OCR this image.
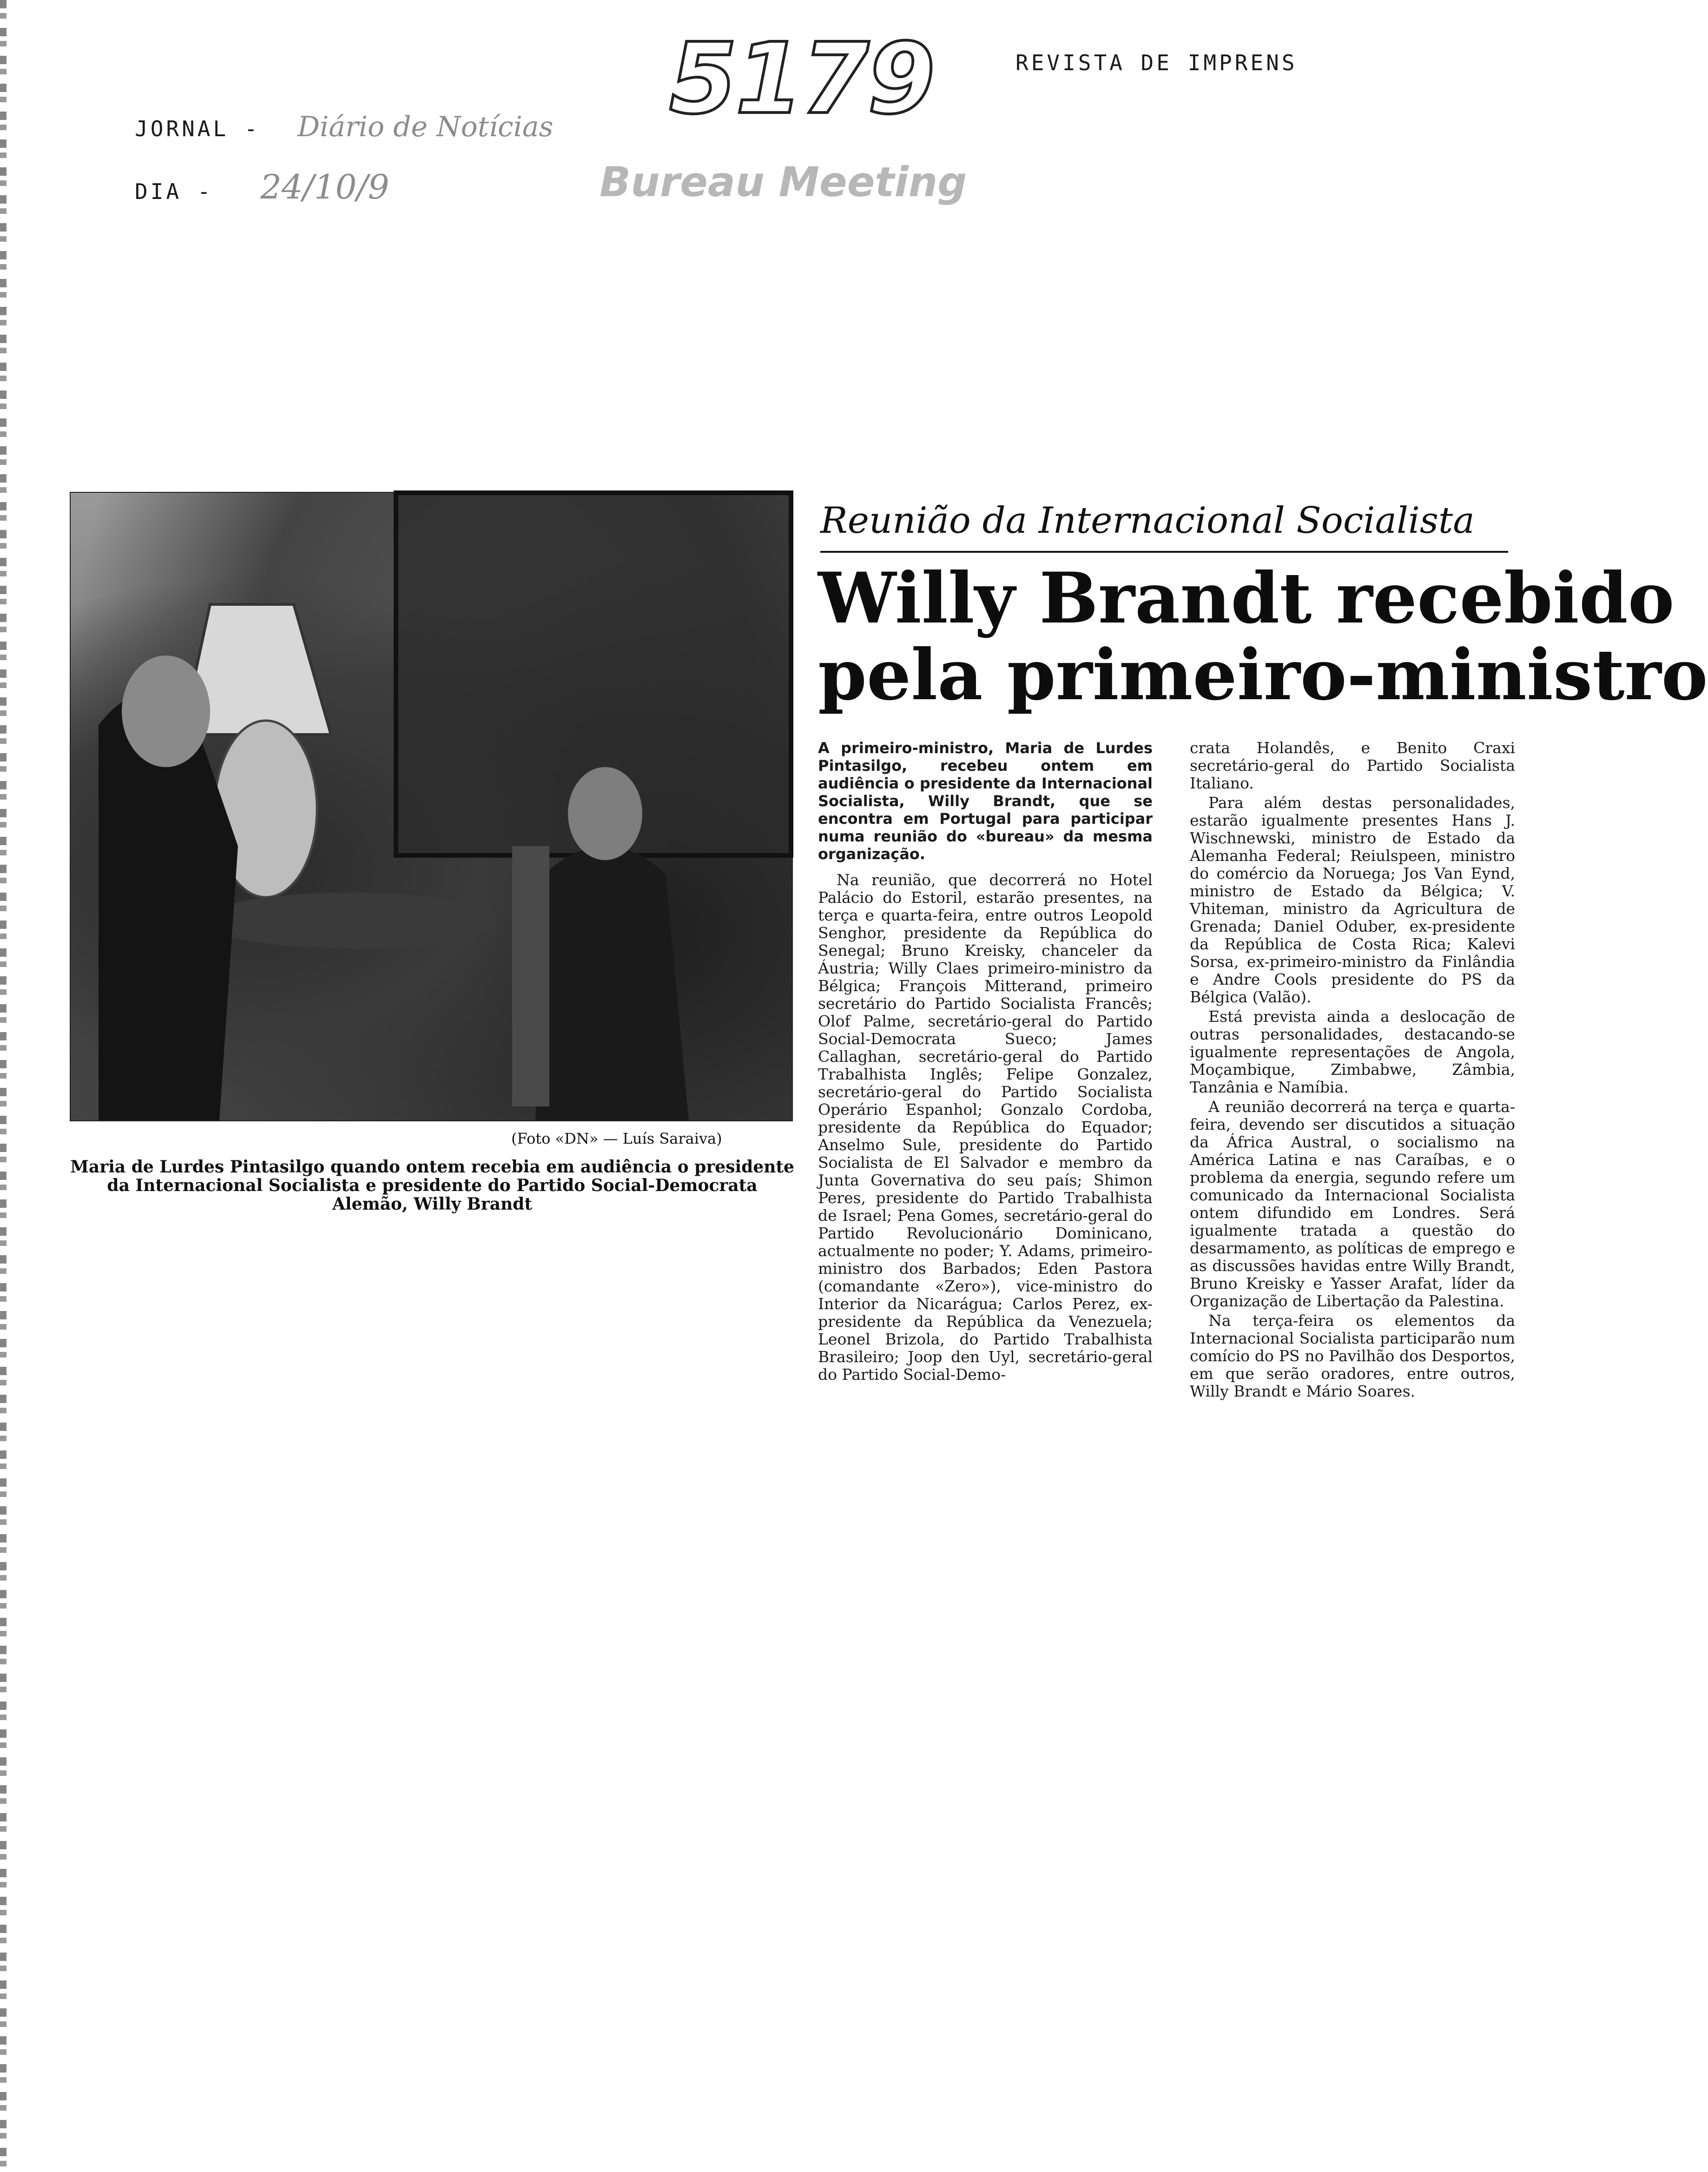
REVISTA DE IMPRENS
JORNAL - Diário de Notícias
DIA - 24/10/9
5179
Bureau Meeting
(Foto «DN» — Luís Saraiva)
Maria de Lurdes Pintasilgo quando ontem recebia em audiência o presidente da Internacional Socialista e presidente do Partido Social-Democrata Alemão, Willy Brandt
Reunião da Internacional Socialista
Willy Brandt recebido
pela primeiro-ministro
A primeiro-ministro, Maria de Lurdes Pintasilgo, recebeu ontem em audiência o presidente da Internacional Socialista, Willy Brandt, que se encontra em Portugal para participar numa reunião do «bureau» da mesma organização.

Na reunião, que decorrerá no Hotel Palácio do Estoril, estarão presentes, na terça e quarta-feira, entre outros Leopold Senghor, presidente da República do Senegal; Bruno Kreisky, chanceler da Áustria; Willy Claes primeiro-ministro da Bélgica; François Mitterand, primeiro secretário do Partido Socialista Francês; Olof Palme, secretário-geral do Partido Social-Democrata Sueco; James Callaghan, secretário-geral do Partido Trabalhista Inglês; Felipe Gonzalez, secretário-geral do Partido Socialista Operário Espanhol; Gonzalo Cordoba, presidente da República do Equador; Anselmo Sule, presidente do Partido Socialista de El Salvador e membro da Junta Governativa do seu país; Shimon Peres, presidente do Partido Trabalhista de Israel; Pena Gomes, secretário-geral do Partido Revolucionário Dominicano, actualmente no poder; Y. Adams, primeiro-ministro dos Barbados; Eden Pastora (comandante «Zero»), vice-ministro do Interior da Nicarágua; Carlos Perez, ex-presidente da República da Venezuela; Leonel Brizola, do Partido Trabalhista Brasileiro; Joop den Uyl, secretário-geral do Partido Social-Demo-

crata Holandês, e Benito Craxi secretário-geral do Partido Socialista Italiano.

Para além destas personalidades, estarão igualmente presentes Hans J. Wischnewski, ministro de Estado da Alemanha Federal; Reiulspeen, ministro do comércio da Noruega; Jos Van Eynd, ministro de Estado da Bélgica; V. Vhiteman, ministro da Agricultura de Grenada; Daniel Oduber, ex-presidente da República de Costa Rica; Kalevi Sorsa, ex-primeiro-ministro da Finlândia e Andre Cools presidente do PS da Bélgica (Valão).

Está prevista ainda a deslocação de outras personalidades, destacando-se igualmente representações de Angola, Moçambique, Zimbabwe, Zâmbia, Tanzânia e Namíbia.

A reunião decorrerá na terça e quarta-feira, devendo ser discutidos a situação da África Austral, o socialismo na América Latina e nas Caraíbas, e o problema da energia, segundo refere um comunicado da Internacional Socialista ontem difundido em Londres. Será igualmente tratada a questão do desarmamento, as políticas de emprego e as discussões havidas entre Willy Brandt, Bruno Kreisky e Yasser Arafat, líder da Organização de Libertação da Palestina.

Na terça-feira os elementos da Internacional Socialista participarão num comício do PS no Pavilhão dos Desportos, em que serão oradores, entre outros, Willy Brandt e Mário Soares.
